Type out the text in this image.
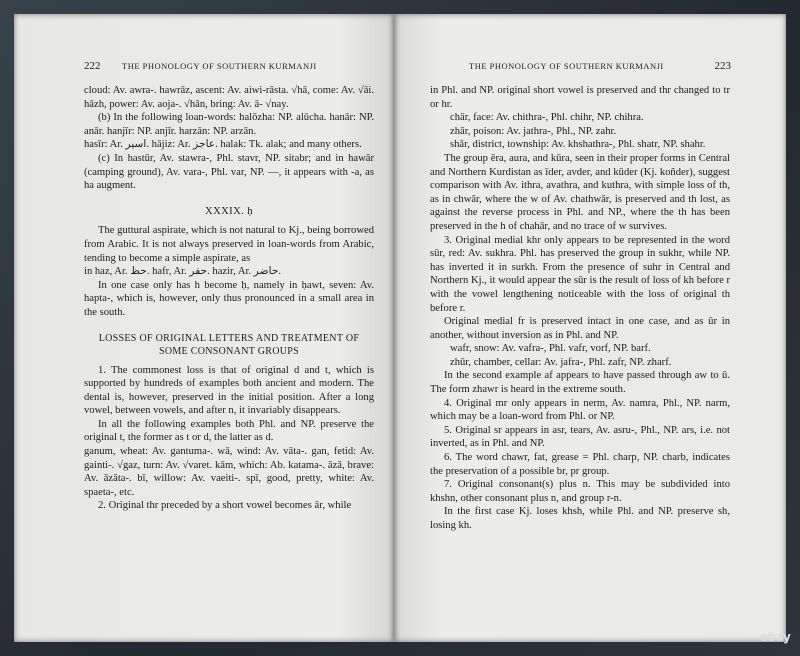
222	THE PHONOLOGY OF SOUTHERN KURMANJI

cloud: Av. awra-. hawrāz, ascent: Av. aiwi-rāsta. √hā, come: Av. √āi. hāzh, power: Av. aoja-. √hān, bring: Av. ā- √nay.

(b) In the following loan-words: halōzha: NP. alūcha. hanār: NP. anār. hanjīr: NP. anjīr. harzān: NP. arzān.

hasīr: Ar. اسير. hājiz: Ar. عاجز. halak: Tk. alak; and many others.

(c) In hastūr, Av. stawra-, Phl. stavr, NP. sitabr; and in hawār (camping ground), Av. vara-, Phl. var, NP. —, it appears with -a, as ha augment.

XXXIX. ḥ

The guttural aspirate, which is not natural to Kj., being borrowed from Arabic. It is not always preserved in loan-words from Arabic, tending to become a simple aspirate, as

in haz, Ar. حظ. hafr, Ar. حفر. hazir, Ar. حاضر.

In one case only has h become ḥ, namely in ḥawt, seven: Av. hapta-, which is, however, only thus pronounced in a small area in the south.

LOSSES OF ORIGINAL LETTERS AND TREATMENT OF SOME CONSONANT GROUPS

1. The commonest loss is that of original d and t, which is supported by hundreds of examples both ancient and modern. The dental is, however, preserved in the initial position. After a long vowel, between vowels, and after n, it invariably disappears.

In all the following examples both Phl. and NP. preserve the original t, the former as t or d, the latter as d.

ganum, wheat: Av. gantuma-. wā, wind: Av. vāta-. gan, fetid: Av. gainti-. √gaz, turn: Av. √varet. kām, which: Ab. katama-. āzā, brave: Av. āzāta-. bī, willow: Av. vaeiti-. spī, good, pretty, white: Av. spaeta-, etc.

2. Original thr preceded by a short vowel becomes ār, while

THE PHONOLOGY OF SOUTHERN KURMANJI	223

in Phl. and NP. original short vowel is preserved and thr changed to tr or hr.

chār, face: Av. chithra-, Phl. chihr, NP. chihra.

zhār, poison: Av. jathra-, Phl., NP. zahr.

shār, district, township: Av. khshathra-, Phl. shatr, NP. shahr.

The group ēra, aura, and kūra, seen in their proper forms in Central and Northern Kurdistan as īder, avder, and kūder (Kj. koñder), suggest comparison with Av. ithra, avathra, and kuthra, with simple loss of th, as in chwār, where the w of Av. chathwār, is preserved and th lost, as against the reverse process in Phl. and NP., where the th has been preserved in the h of chahār, and no trace of w survives.

3. Original medial khr only appears to be represented in the word sūr, red: Av. sukhra. Phl. has preserved the group in sukhr, while NP. has inverted it in surkh. From the presence of suhr in Central and Northern Kj., it would appear the sūr is the result of loss of kh before r with the vowel lengthening noticeable with the loss of original th before r.

Original medial fr is preserved intact in one case, and as ūr in another, without inversion as in Phl. and NP.

wafr, snow: Av. vafra-, Phl. vafr, vorf, NP. barf.

zhūr, chamber, cellar: Av. jafra-, Phl. zafr, NP. zharf.

In the second example af appears to have passed through aw to ū. The form zhawr is heard in the extreme south.

4. Original mr only appears in nerm, Av. namra, Phl., NP. narm, which may be a loan-word from Phl. or NP.

5. Original sr appears in asr, tears, Av. asru-, Phl., NP. ars, i.e. not inverted, as in Phl. and NP.

6. The word chawr, fat, grease = Phl. charp, NP. charb, indicates the preservation of a possible br, pr group.

7. Original consonant(s) plus n. This may be subdivided into khshn, other consonant plus n, and group r-n.

In the first case Kj. loses khsh, while Phl. and NP. preserve sh, losing kh.

ebay
